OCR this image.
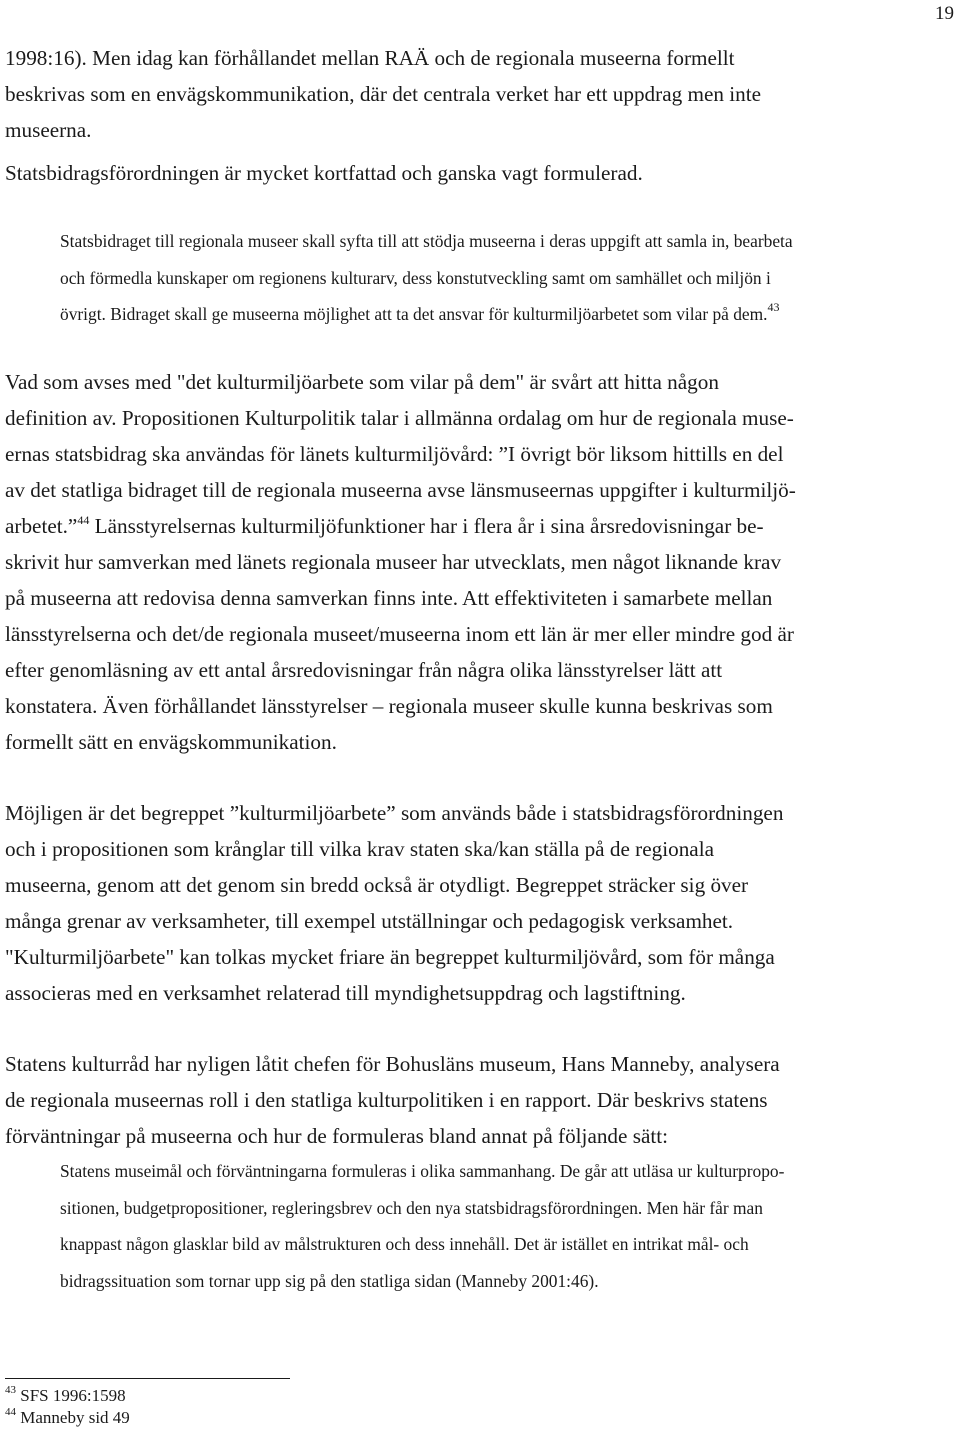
19
1998:16). Men idag kan förhållandet mellan RAÄ och de regionala museerna formellt
beskrivas som en envägskommunikation, där det centrala verket har ett uppdrag men inte
museerna.
Statsbidragsförordningen är mycket kortfattad och ganska vagt formulerad.
Statsbidraget till regionala museer skall syfta till att stödja museerna i deras uppgift att samla in, bearbeta
och förmedla kunskaper om regionens kulturarv, dess konstutveckling samt om samhället och miljön i
övrigt. Bidraget skall ge museerna möjlighet att ta det ansvar för kulturmiljöarbetet som vilar på dem.$^{43}$
Vad som avses med "det kulturmiljöarbete som vilar på dem" är svårt att hitta någon
definition av. Propositionen Kulturpolitik talar i allmänna ordalag om hur de regionala muse-
ernas statsbidrag ska användas för länets kulturmiljövård: ”I övrigt bör liksom hittills en del
av det statliga bidraget till de regionala museerna avse länsmuseernas uppgifter i kulturmiljö-
arbetet.”$^{44}$ Länsstyrelsernas kulturmiljöfunktioner har i flera år i sina årsredovisningar be-
skrivit hur samverkan med länets regionala museer har utvecklats, men något liknande krav
på museerna att redovisa denna samverkan finns inte. Att effektiviteten i samarbete mellan
länsstyrelserna och det/de regionala museet/museerna inom ett län är mer eller mindre god är
efter genomläsning av ett antal årsredovisningar från några olika länsstyrelser lätt att
konstatera. Även förhållandet länsstyrelser – regionala museer skulle kunna beskrivas som
formellt sätt en envägskommunikation.
Möjligen är det begreppet ”kulturmiljöarbete” som används både i statsbidragsförordningen
och i propositionen som krånglar till vilka krav staten ska/kan ställa på de regionala
museerna, genom att det genom sin bredd också är otydligt. Begreppet sträcker sig över
många grenar av verksamheter, till exempel utställningar och pedagogisk verksamhet.
"Kulturmiljöarbete" kan tolkas mycket friare än begreppet kulturmiljövård, som för många
associeras med en verksamhet relaterad till myndighetsuppdrag och lagstiftning.
Statens kulturråd har nyligen låtit chefen för Bohusläns museum, Hans Manneby, analysera
de regionala museernas roll i den statliga kulturpolitiken i en rapport. Där beskrivs statens
förväntningar på museerna och hur de formuleras bland annat på följande sätt:
Statens museimål och förväntningarna formuleras i olika sammanhang. De går att utläsa ur kulturpropo-
sitionen, budgetpropositioner, regleringsbrev och den nya statsbidragsförordningen. Men här får man
knappast någon glasklar bild av målstrukturen och dess innehåll. Det är istället en intrikat mål- och
bidragssituation som tornar upp sig på den statliga sidan (Manneby 2001:46).
$^{43}$ SFS 1996:1598
$^{44}$ Manneby sid 49
